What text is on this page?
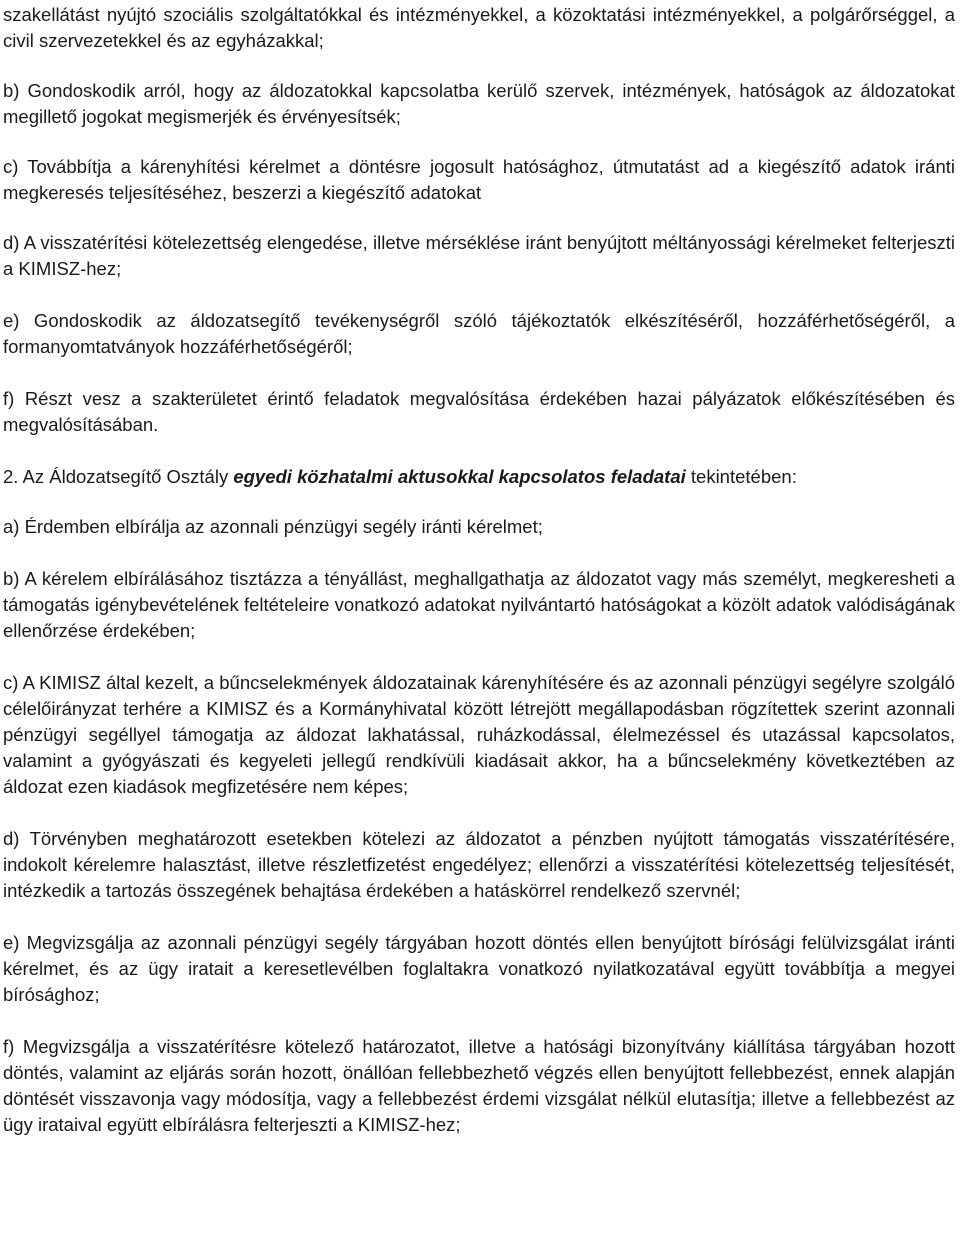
szakellátást nyújtó szociális szolgáltatókkal és intézményekkel, a közoktatási intézményekkel, a polgárőrséggel, a civil szervezetekkel és az egyházakkal;

b) Gondoskodik arról, hogy az áldozatokkal kapcsolatba kerülő szervek, intézmények, hatóságok az áldozatokat megillető jogokat megismerjék és érvényesítsék;

c) Továbbítja a kárenyhítési kérelmet a döntésre jogosult hatósághoz, útmutatást ad a kiegészítő adatok iránti megkeresés teljesítéséhez, beszerzi a kiegészítő adatokat

d) A visszatérítési kötelezettség elengedése, illetve mérséklése iránt benyújtott méltányossági kérelmeket felterjeszti a KIMISZ-hez;

e) Gondoskodik az áldozatsegítő tevékenységről szóló tájékoztatók elkészítéséről, hozzáférhetőségéről, a formanyomtatványok hozzáférhetőségéről;

f) Részt vesz a szakterületet érintő feladatok megvalósítása érdekében hazai pályázatok előkészítésében és megvalósításában.

2. Az Áldozatsegítő Osztály egyedi közhatalmi aktusokkal kapcsolatos feladatai tekintetében:

a) Érdemben elbírálja az azonnali pénzügyi segély iránti kérelmet;

b) A kérelem elbírálásához tisztázza a tényállást, meghallgathatja az áldozatot vagy más személyt, megkeresheti a támogatás igénybevételének feltételeire vonatkozó adatokat nyilvántartó hatóságokat a közölt adatok valódiságának ellenőrzése érdekében;

c) A KIMISZ által kezelt, a bűncselekmények áldozatainak kárenyhítésére és az azonnali pénzügyi segélyre szolgáló célelőirányzat terhére a KIMISZ és a Kormányhivatal között létrejött megállapodásban rögzítettek szerint azonnali pénzügyi segéllyel támogatja az áldozat lakhatással, ruházkodással, élelmezéssel és utazással kapcsolatos, valamint a gyógyászati és kegyeleti jellegű rendkívüli kiadásait akkor, ha a bűncselekmény következtében az áldozat ezen kiadások megfizetésére nem képes;

d) Törvényben meghatározott esetekben kötelezi az áldozatot a pénzben nyújtott támogatás visszatérítésére, indokolt kérelemre halasztást, illetve részletfizetést engedélyez; ellenőrzi a visszatérítési kötelezettség teljesítését, intézkedik a tartozás összegének behajtása érdekében a hatáskörrel rendelkező szervnél;

e) Megvizsgálja az azonnali pénzügyi segély tárgyában hozott döntés ellen benyújtott bírósági felülvizsgálat iránti kérelmet, és az ügy iratait a keresetlevélben foglaltakra vonatkozó nyilatkozatával együtt továbbítja a megyei bírósághoz;

f) Megvizsgálja a visszatérítésre kötelező határozatot, illetve a hatósági bizonyítvány kiállítása tárgyában hozott döntés, valamint az eljárás során hozott, önállóan fellebbezhető végzés ellen benyújtott fellebbezést, ennek alapján döntését visszavonja vagy módosítja, vagy a fellebbezést érdemi vizsgálat nélkül elutasítja; illetve a fellebbezést az ügy irataival együtt elbírálásra felterjeszti a KIMISZ-hez;
